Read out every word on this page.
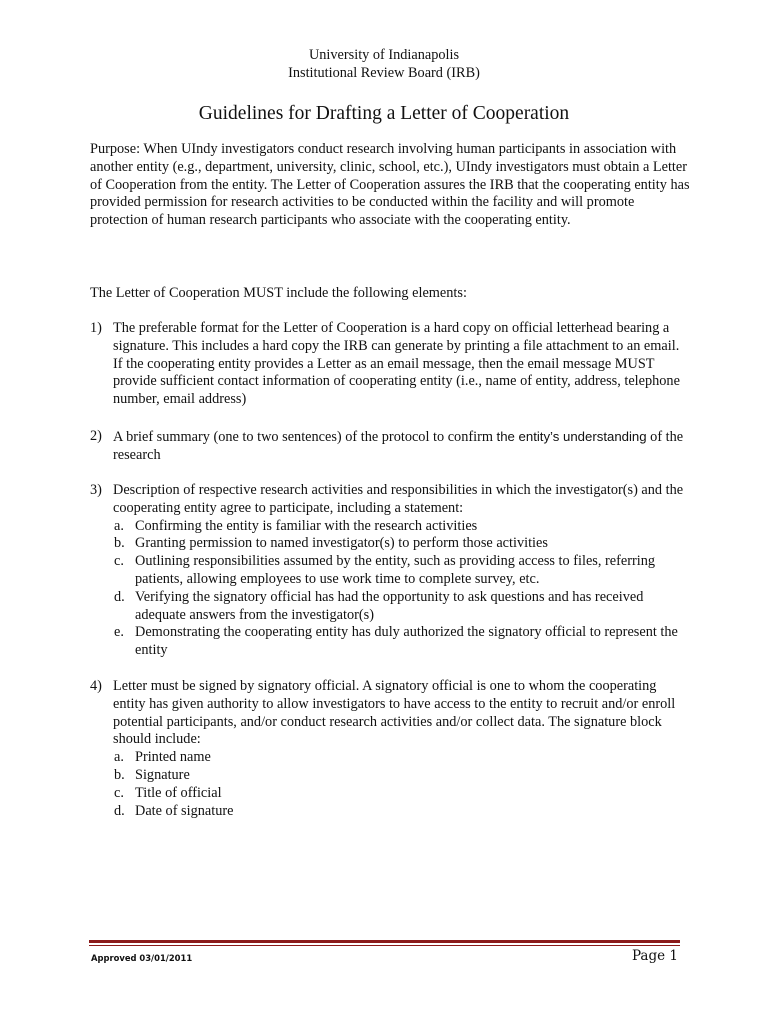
University of Indianapolis
Institutional Review Board (IRB)
Guidelines for Drafting a Letter of Cooperation
Purpose: When UIndy investigators conduct research involving human participants in association with another entity (e.g., department, university, clinic, school, etc.), UIndy investigators must obtain a Letter of Cooperation from the entity. The Letter of Cooperation assures the IRB that the cooperating entity has provided permission for research activities to be conducted within the facility and will promote protection of human research participants who associate with the cooperating entity.
The Letter of Cooperation MUST include the following elements:
1) The preferable format for the Letter of Cooperation is a hard copy on official letterhead bearing a signature. This includes a hard copy the IRB can generate by printing a file attachment to an email. If the cooperating entity provides a Letter as an email message, then the email message MUST provide sufficient contact information of cooperating entity (i.e., name of entity, address, telephone number, email address)
2) A brief summary (one to two sentences) of the protocol to confirm the entity’s understanding of the research
3) Description of respective research activities and responsibilities in which the investigator(s) and the cooperating entity agree to participate, including a statement:
a. Confirming the entity is familiar with the research activities
b. Granting permission to named investigator(s) to perform those activities
c. Outlining responsibilities assumed by the entity, such as providing access to files, referring patients, allowing employees to use work time to complete survey, etc.
d. Verifying the signatory official has had the opportunity to ask questions and has received adequate answers from the investigator(s)
e. Demonstrating the cooperating entity has duly authorized the signatory official to represent the entity
4) Letter must be signed by signatory official. A signatory official is one to whom the cooperating entity has given authority to allow investigators to have access to the entity to recruit and/or enroll potential participants, and/or conduct research activities and/or collect data. The signature block should include:
a. Printed name
b. Signature
c. Title of official
d. Date of signature
Approved 03/01/2011	Page 1
